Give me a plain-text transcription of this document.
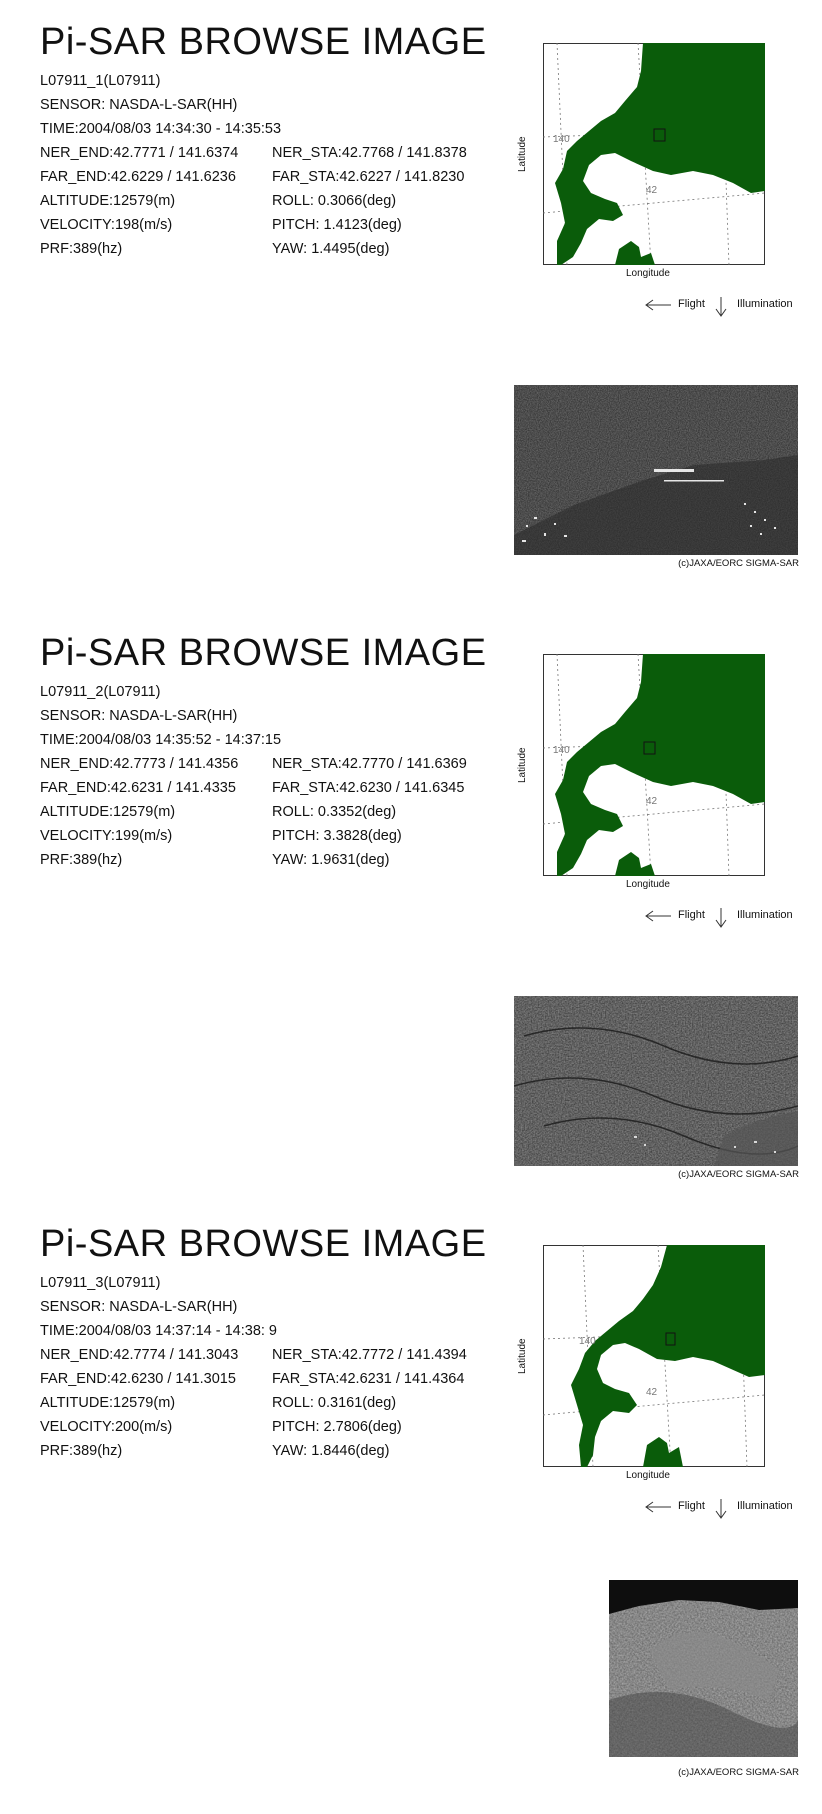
Pi-SAR BROWSE IMAGE
L07911_1(L07911)
SENSOR: NASDA-L-SAR(HH)
TIME:2004/08/03 14:34:30 - 14:35:53
NER_END:42.7771 / 141.6374 NER_STA:42.7768 / 141.8378
FAR_END:42.6229 / 141.6236 FAR_STA:42.6227 / 141.8230
ALTITUDE:12579(m)	ROLL: 0.3066(deg)
VELOCITY:198(m/s)	PITCH: 1.4123(deg)
PRF:389(hz)	YAW: 1.4495(deg)
140
42
Latitude
Longitude
Flight	Illumination
(c)JAXA/EORC SIGMA-SAR
Pi-SAR BROWSE IMAGE
L07911_2(L07911)
SENSOR: NASDA-L-SAR(HH)
TIME:2004/08/03 14:35:52 - 14:37:15
NER_END:42.7773 / 141.4356 NER_STA:42.7770 / 141.6369
FAR_END:42.6231 / 141.4335 FAR_STA:42.6230 / 141.6345
ALTITUDE:12579(m)	ROLL: 0.3352(deg)
VELOCITY:199(m/s)	PITCH: 3.3828(deg)
PRF:389(hz)	YAW: 1.9631(deg)
140
42
Latitude
Longitude
Flight	Illumination
(c)JAXA/EORC SIGMA-SAR
Pi-SAR BROWSE IMAGE
L07911_3(L07911)
SENSOR: NASDA-L-SAR(HH)
TIME:2004/08/03 14:37:14 - 14:38: 9
NER_END:42.7774 / 141.3043 NER_STA:42.7772 / 141.4394
FAR_END:42.6230 / 141.3015 FAR_STA:42.6231 / 141.4364
ALTITUDE:12579(m)	ROLL: 0.3161(deg)
VELOCITY:200(m/s)	PITCH: 2.7806(deg)
PRF:389(hz)	YAW: 1.8446(deg)
140
42
Latitude
Longitude
Flight	Illumination
(c)JAXA/EORC SIGMA-SAR
